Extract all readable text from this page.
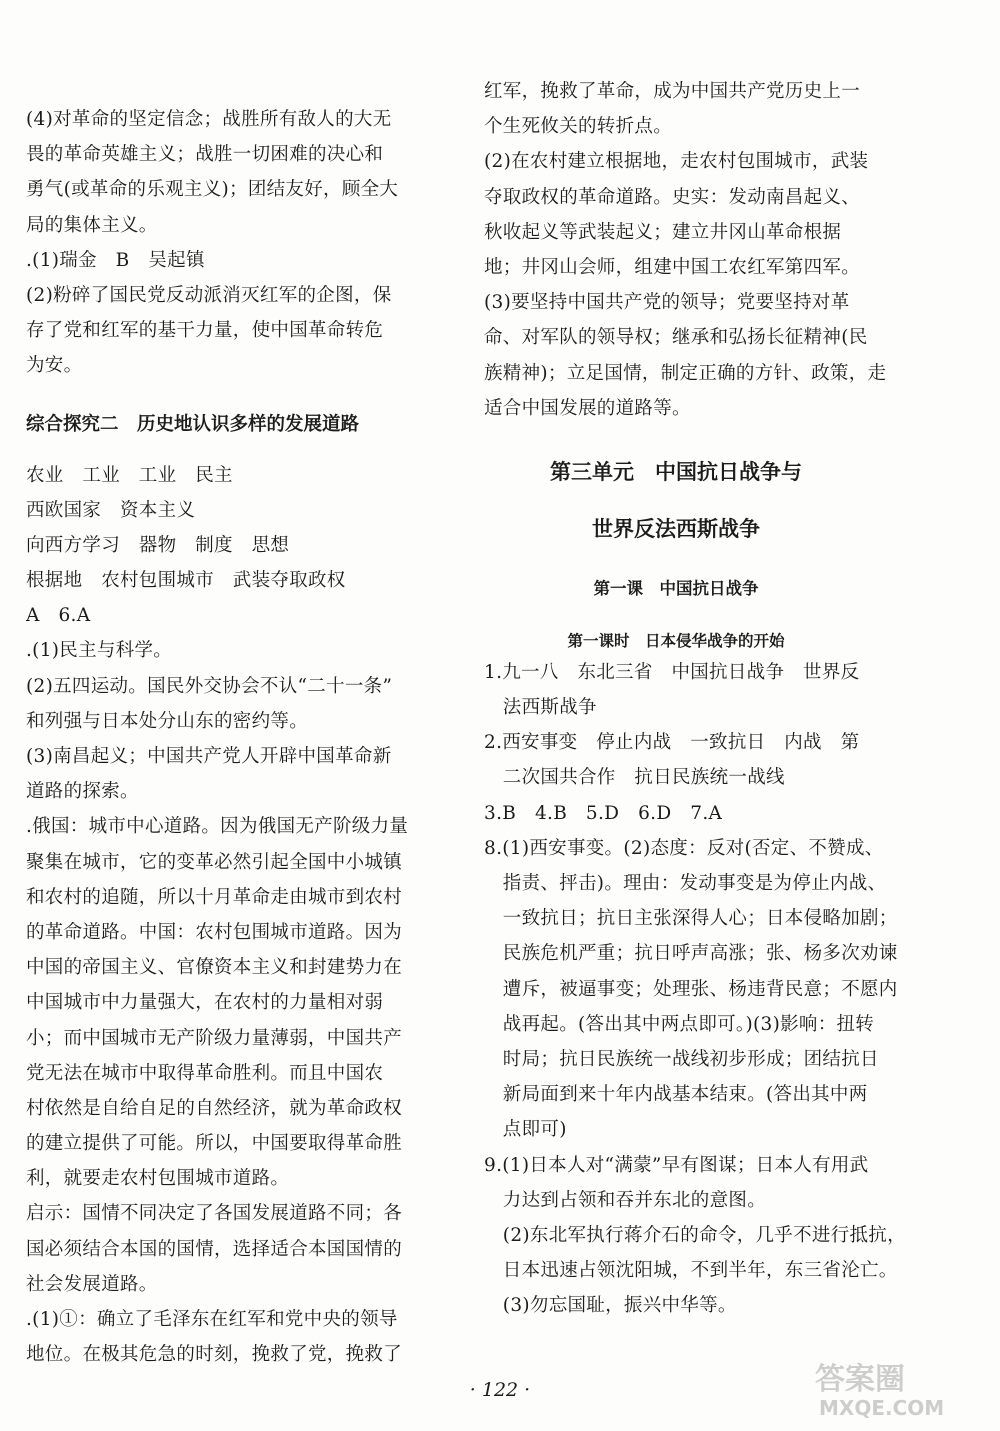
(4)对革命的坚定信念；战胜所有敌人的大无
畏的革命英雄主义；战胜一切困难的决心和
勇气(或革命的乐观主义)；团结友好，顾全大
局的集体主义。
.(1)瑞金　B　吴起镇
(2)粉碎了国民党反动派消灭红军的企图，保
存了党和红军的基干力量，使中国革命转危
为安。
综合探究二　历史地认识多样的发展道路
农业　工业　工业　民主
西欧国家　资本主义
向西方学习　器物　制度　思想
根据地　农村包围城市　武装夺取政权
A　6.A
.(1)民主与科学。
(2)五四运动。国民外交协会不认“二十一条”
和列强与日本处分山东的密约等。
(3)南昌起义；中国共产党人开辟中国革命新
道路的探索。
.俄国：城市中心道路。因为俄国无产阶级力量
聚集在城市，它的变革必然引起全国中小城镇
和农村的追随，所以十月革命走由城市到农村
的革命道路。中国：农村包围城市道路。因为
中国的帝国主义、官僚资本主义和封建势力在
中国城市中力量强大，在农村的力量相对弱
小；而中国城市无产阶级力量薄弱，中国共产
党无法在城市中取得革命胜利。而且中国农
村依然是自给自足的自然经济，就为革命政权
的建立提供了可能。所以，中国要取得革命胜
利，就要走农村包围城市道路。
启示：国情不同决定了各国发展道路不同；各
国必须结合本国的国情，选择适合本国国情的
社会发展道路。
.(1)①：确立了毛泽东在红军和党中央的领导
地位。在极其危急的时刻，挽救了党，挽救了
红军，挽救了革命，成为中国共产党历史上一
个生死攸关的转折点。
(2)在农村建立根据地，走农村包围城市，武装
夺取政权的革命道路。史实：发动南昌起义、
秋收起义等武装起义；建立井冈山革命根据
地；井冈山会师，组建中国工农红军第四军。
(3)要坚持中国共产党的领导；党要坚持对革
命、对军队的领导权；继承和弘扬长征精神(民
族精神)；立足国情，制定正确的方针、政策，走
适合中国发展的道路等。
第三单元　中国抗日战争与
世界反法西斯战争
第一课　中国抗日战争
第一课时　日本侵华战争的开始
1.九一八　东北三省　中国抗日战争　世界反
　法西斯战争
2.西安事变　停止内战　一致抗日　内战　第
　二次国共合作　抗日民族统一战线
3.B　4.B　5.D　6.D　7.A
8.(1)西安事变。(2)态度：反对(否定、不赞成、
　指责、抨击)。理由：发动事变是为停止内战、
　一致抗日；抗日主张深得人心；日本侵略加剧；
　民族危机严重；抗日呼声高涨；张、杨多次劝谏
　遭斥，被逼事变；处理张、杨违背民意；不愿内
　战再起。(答出其中两点即可。)(3)影响：扭转
　时局；抗日民族统一战线初步形成；团结抗日
　新局面到来十年内战基本结束。(答出其中两
　点即可)
9.(1)日本人对“满蒙”早有图谋；日本人有用武
　力达到占领和吞并东北的意图。
　(2)东北军执行蒋介石的命令，几乎不进行抵抗，
　日本迅速占领沈阳城，不到半年，东三省沦亡。
　(3)勿忘国耻，振兴中华等。
· 122 ·	答案圈
MXQE.COM
